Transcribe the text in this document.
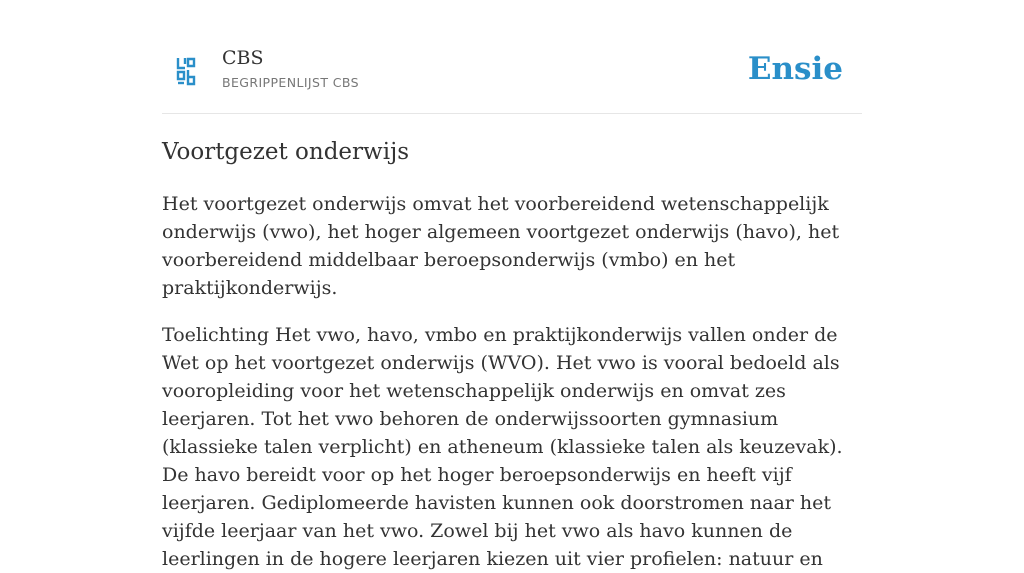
CBS
BEGRIPPENLIJST CBS	Ensie
Voortgezet onderwijs

Het voortgezet onderwijs omvat het voorbereidend wetenschappelijk onderwijs (vwo), het hoger algemeen voortgezet onderwijs (havo), het voorbereidend middelbaar beroepsonderwijs (vmbo) en het praktijkonderwijs.

Toelichting Het vwo, havo, vmbo en praktijkonderwijs vallen onder de Wet op het voortgezet onderwijs (WVO). Het vwo is vooral bedoeld als vooropleiding voor het wetenschappelijk onderwijs en omvat zes leerjaren. Tot het vwo behoren de onderwijssoorten gymnasium (klassieke talen verplicht) en atheneum (klassieke talen als keuzevak). De havo bereidt voor op het hoger beroepsonderwijs en heeft vijf leerjaren. Gediplomeerde havisten kunnen ook doorstromen naar het vijfde leerjaar van het vwo. Zowel bij het vwo als havo kunnen de leerlingen in de hogere leerjaren kiezen uit vier profielen: natuur en
